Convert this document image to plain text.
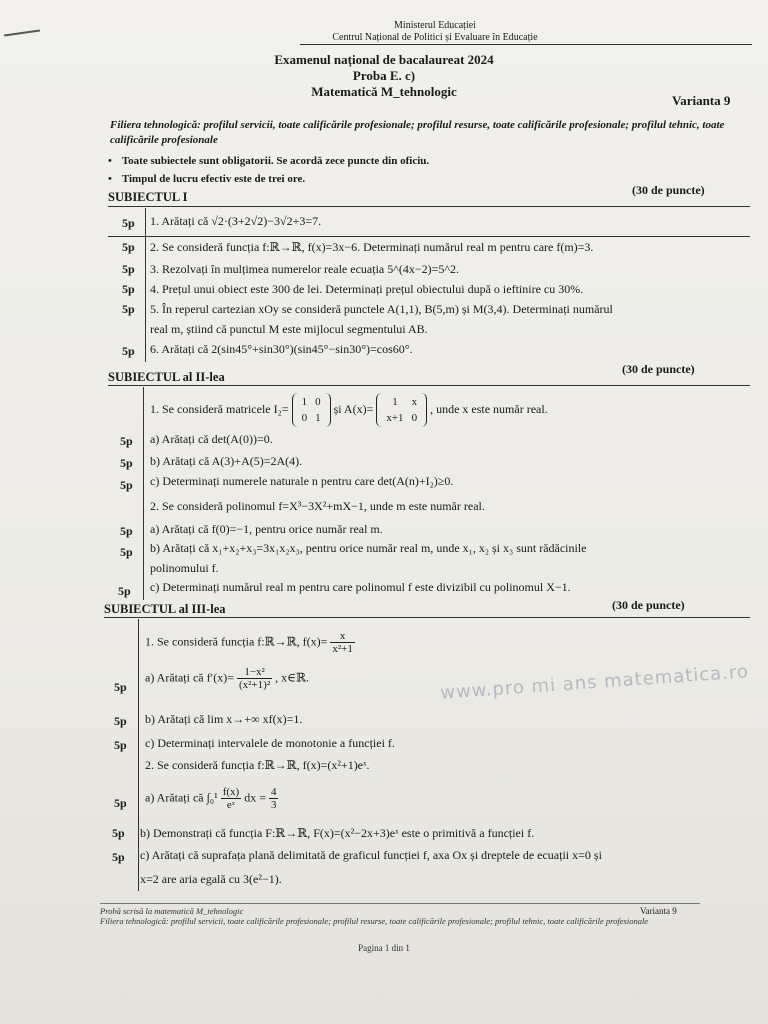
Ministerul Educației
Centrul Național de Politici și Evaluare în Educație
Examenul național de bacalaureat 2024
Proba E. c)
Matematică M_tehnologic
Varianta 9
Filiera tehnologică: profilul servicii, toate calificările profesionale; profilul resurse, toate calificările profesionale; profilul tehnic, toate calificările profesionale
• Toate subiectele sunt obligatorii. Se acordă zece puncte din oficiu.
• Timpul de lucru efectiv este de trei ore.
SUBIECTUL I	(30 de puncte)
5p 1. Arătați că √2·(3+2√2)−3√2+3=7.
5p 2. Se consideră funcția f:ℝ→ℝ, f(x)=3x−6. Determinați numărul real m pentru care f(m)=3.
5p 3. Rezolvați în mulțimea numerelor reale ecuația 5^(4x−2)=5^2.
5p 4. Prețul unui obiect este 300 de lei. Determinați prețul obiectului după o ieftinire cu 30%.
5p 5. În reperul cartezian xOy se consideră punctele A(1,1), B(5,m) și M(3,4). Determinați numărul
real m, știind că punctul M este mijlocul segmentului AB.
5p 6. Arătați că 2(sin45°+sin30°)(sin45°−sin30°)=cos60°.
SUBIECTUL al II-lea
(30 de puncte)
1. Se consideră matricele I₂= 1	0
0	1 și A(x)= 1	x
x+1	0 , unde x este număr real.
5p a) Arătați că det(A(0))=0.
5p b) Arătați că A(3)+A(5)=2A(4).
5p c) Determinați numerele naturale n pentru care det(A(n)+I₂)≥0.
2. Se consideră polinomul f=X³−3X²+mX−1, unde m este număr real.
5p a) Arătați că f(0)=−1, pentru orice număr real m.
5p b) Arătați că x₁+x₂+x₃=3x₁x₂x₃, pentru orice număr real m, unde x₁, x₂ și x₃ sunt rădăcinile
polinomului f.
5p c) Determinați numărul real m pentru care polinomul f este divizibil cu polinomul X−1.
SUBIECTUL al III-lea	(30 de puncte)
1. Se consideră funcția f:ℝ→ℝ, $f(x)= \frac{x}{\text{x²+1}}$
5p
a) Arătați că $f'(x)= \frac{\text{1−x²}}{\text{(x²+1)²}}$ , x∈ℝ.
5p b) Arătați că lim x→+∞ xf(x)=1.
5p c) Determinați intervalele de monotonie a funcției f.
2. Se consideră funcția f:ℝ→ℝ, f(x)=(x²+1)eˣ.
5p a) Arătați că $\int_0^1 \frac{f(x)}{\text{eˣ}}$ dx = $\frac{4}{3}$
5p b) Demonstrați că funcția F:ℝ→ℝ, F(x)=(x²−2x+3)eˣ este o primitivă a funcției f.
5p c) Arătați că suprafața plană delimitată de graficul funcției f, axa Ox și dreptele de ecuații x=0 și
x=2 are aria egală cu 3(e²−1).
www.pro mi ans matematica.ro
Probă scrisă la matematică M_tehnologic
Filiera tehnologică: profilul servicii, toate calificările profesionale; profilul resurse, toate calificările profesionale; profilul tehnic, toate calificările profesionale
Varianta 9
Pagina 1 din 1
